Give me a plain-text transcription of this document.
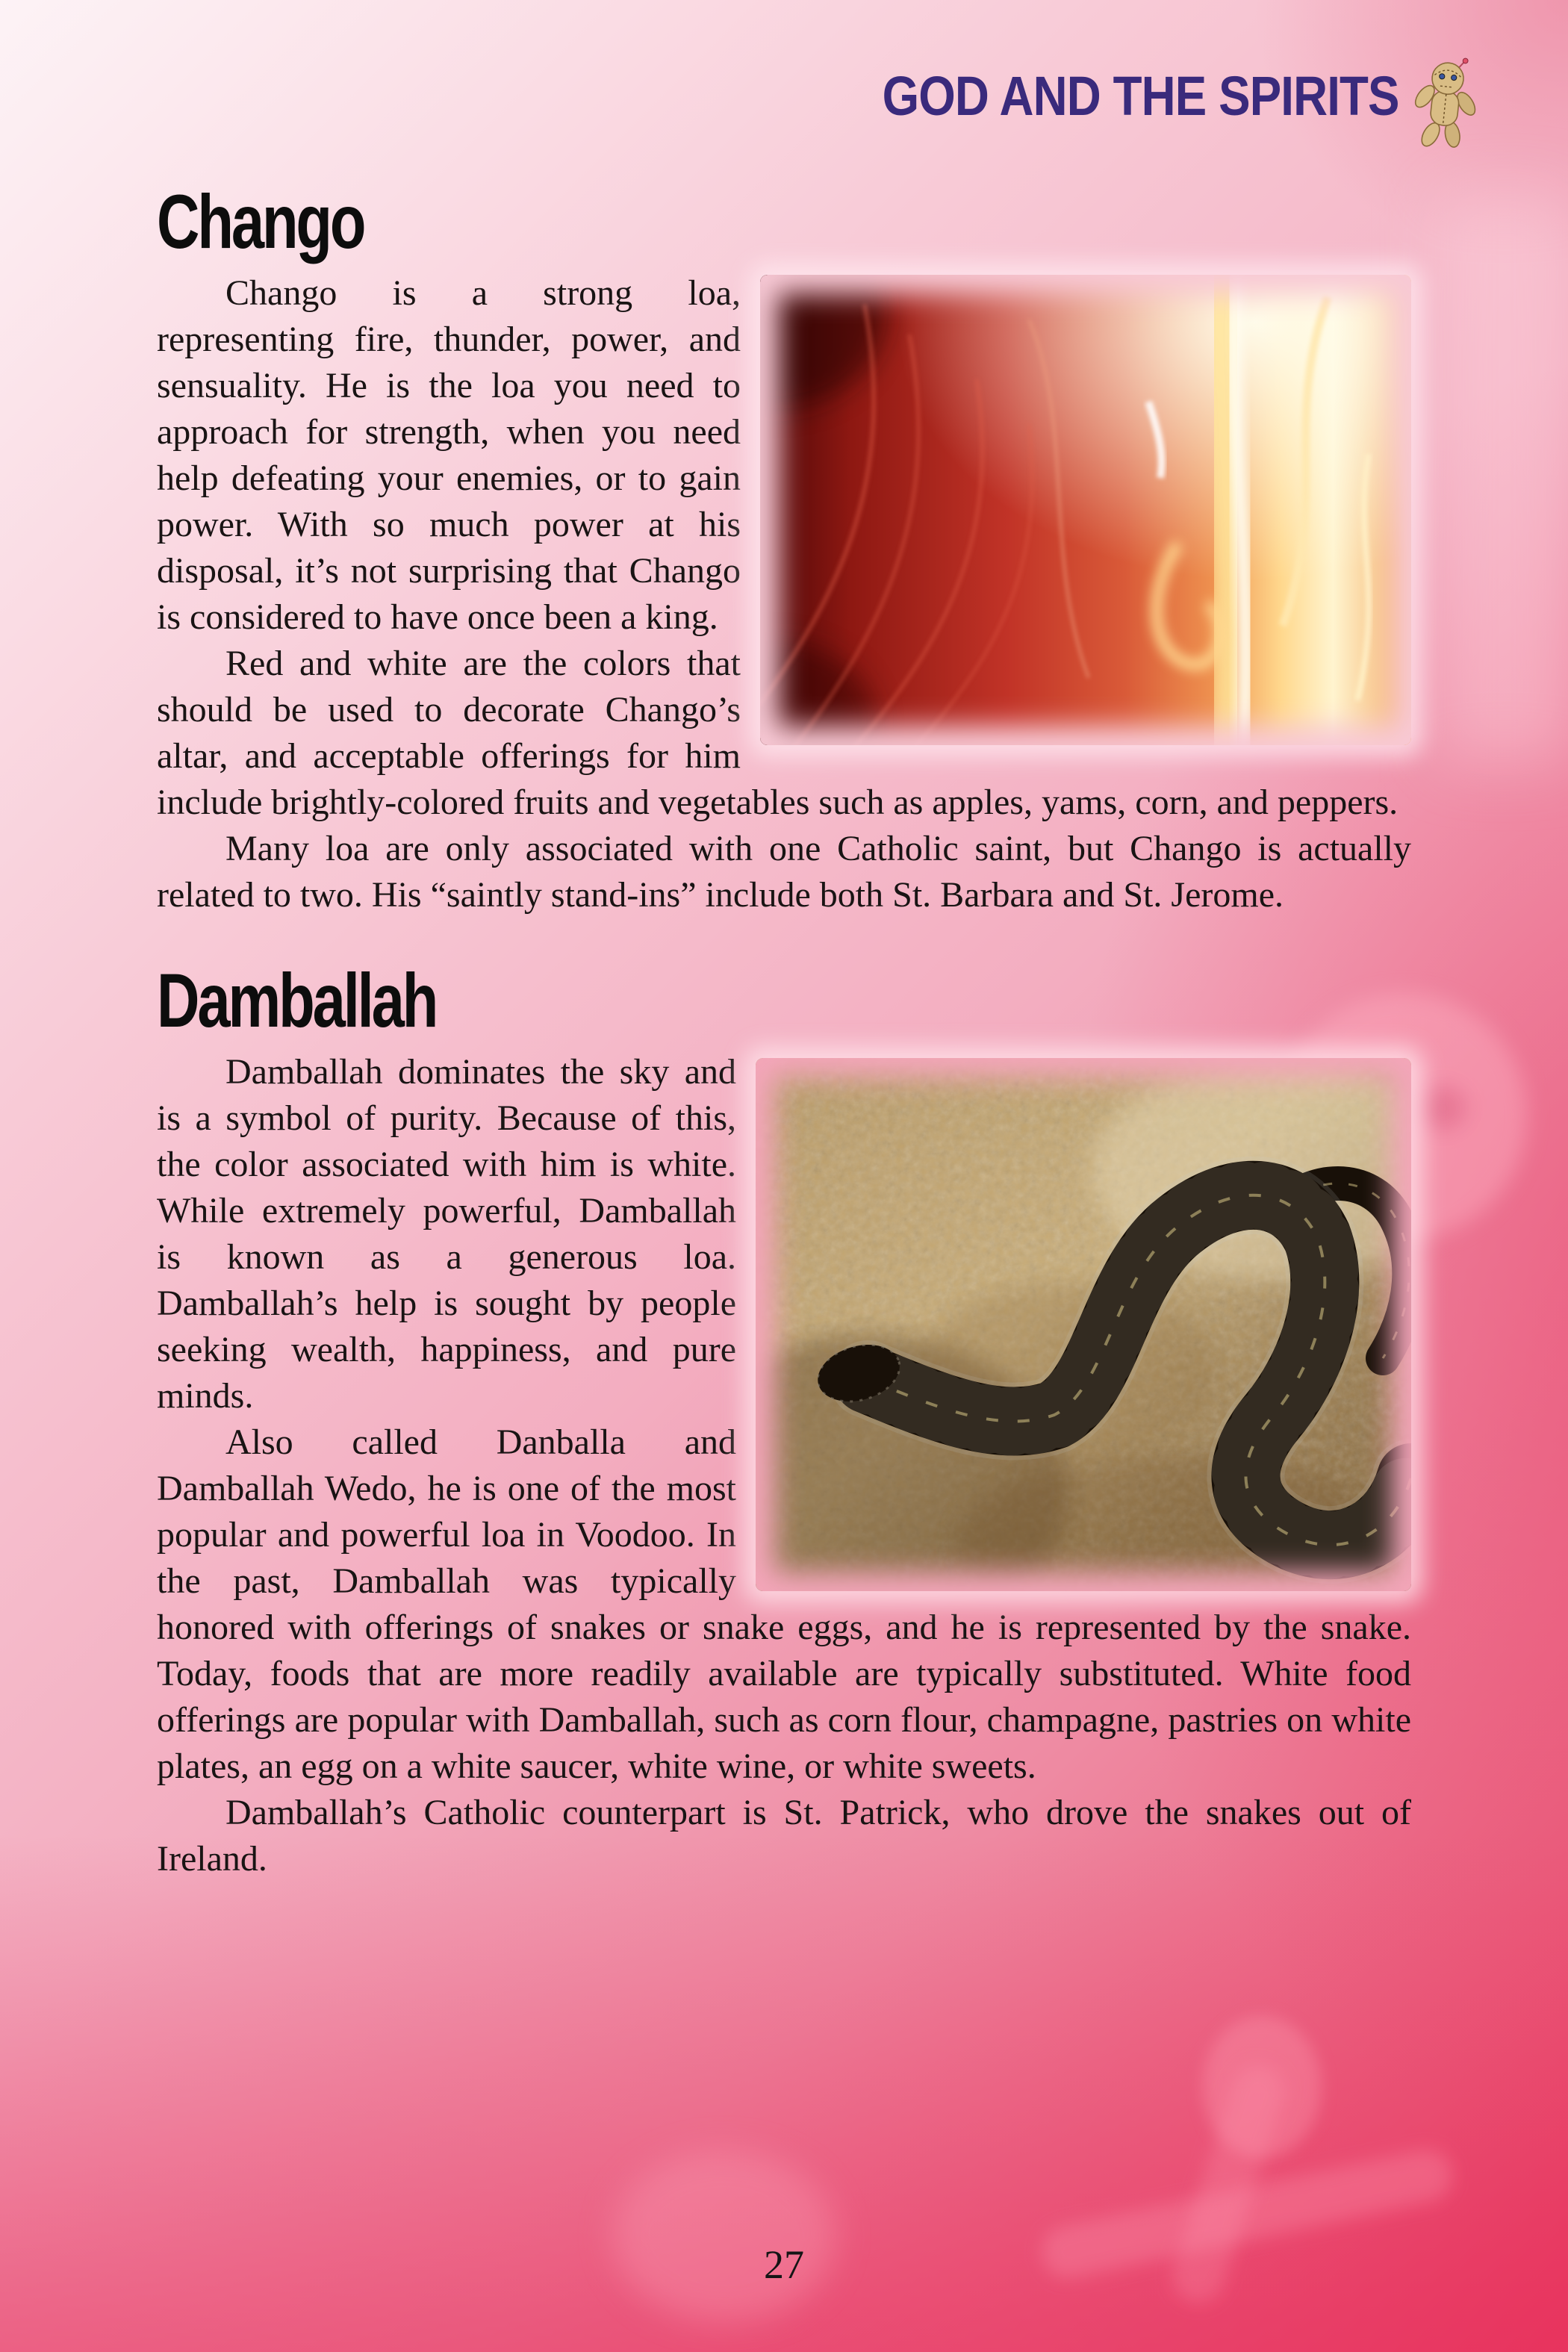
GOD AND THE SPIRITS
Chango

Chango is a strong loa, representing fire, thunder, power, and sensuality. He is the loa you need to approach for strength, when you need help defeating your enemies, or to gain power. With so much power at his disposal, it’s not surprising that Chango is considered to have once been a king.

Red and white are the colors that should be used to decorate Chango’s altar, and acceptable offerings for him include brightly-colored fruits and vegetables such as apples, yams, corn, and peppers.

Many loa are only associated with one Catholic saint, but Chango is actually related to two. His “saintly stand-ins” include both St. Barbara and St. Jerome.

Damballah

Damballah dominates the sky and is a symbol of purity. Because of this, the color associated with him is white. While extremely powerful, Damballah is known as a generous loa. Damballah’s help is sought by people seeking wealth, happiness, and pure minds.

Also called Danballa and Damballah Wedo, he is one of the most popular and powerful loa in Voodoo. In the past, Damballah was typically honored with offerings of snakes or snake eggs, and he is represented by the snake. Today, foods that are more readily available are typically substituted. White food offerings are popular with Damballah, such as corn flour, champagne, pastries on white plates, an egg on a white saucer, white wine, or white sweets.

Damballah’s Catholic counterpart is St. Patrick, who drove the snakes out of Ireland.

27
